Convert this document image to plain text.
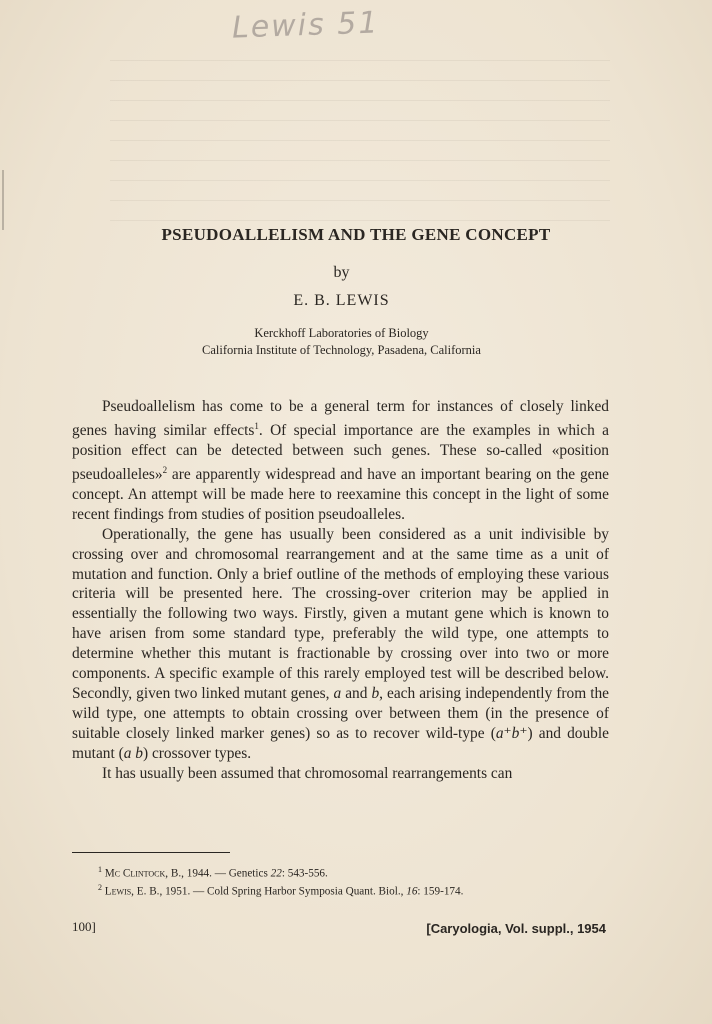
Lewis 51
PSEUDOALLELISM AND THE GENE CONCEPT
by
E. B. LEWIS
Kerckhoff Laboratories of Biology
California Institute of Technology, Pasadena, California

Pseudoallelism has come to be a general term for instances of closely linked genes having similar effects$^1$. Of special importance are the examples in which a position effect can be detected between such genes. These so-called «position pseudoalleles»$^2$ are apparently widespread and have an important bearing on the gene concept. An attempt will be made here to reexamine this concept in the light of some recent findings from studies of position pseudoalleles.

Operationally, the gene has usually been considered as a unit indivisible by crossing over and chromosomal rearrangement and at the same time as a unit of mutation and function. Only a brief outline of the methods of employing these various criteria will be presented here. The crossing-over criterion may be applied in essentially the following two ways. Firstly, given a mutant gene which is known to have arisen from some standard type, preferably the wild type, one attempts to determine whether this mutant is fractionable by crossing over into two or more components. A specific example of this rarely employed test will be described below. Secondly, given two linked mutant genes, a and b, each arising independently from the wild type, one attempts to obtain crossing over between them (in the presence of suitable closely linked marker genes) so as to recover wild-type (a⁺b⁺) and double mutant (a b) crossover types.

It has usually been assumed that chromosomal rearrangements can

$^1$ Mc Clintock, B., 1944. — Genetics 22: 543-556.
$^2$ Lewis, E. B., 1951. — Cold Spring Harbor Symposia Quant. Biol., 16: 159-174.
100]	[Caryologia, Vol. suppl., 1954
